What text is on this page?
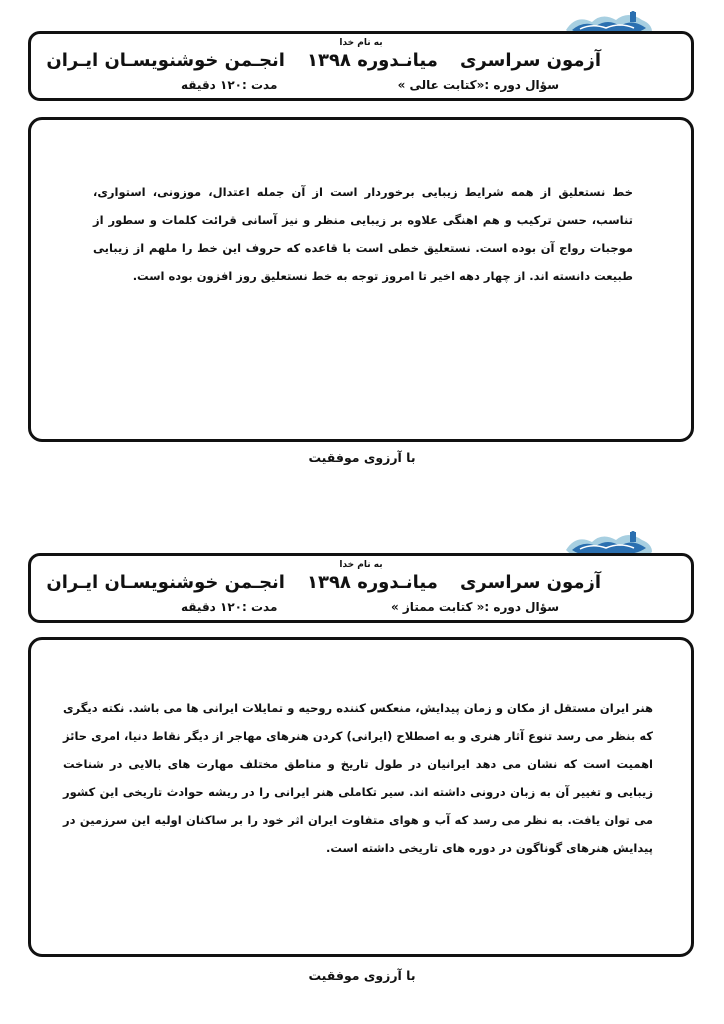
به نام خدا
آزمون سراسری
میانـدوره ۱۳۹۸
انجـمن خوشنویسـان ایـران
سؤال دوره :«کتابت عالی »
مدت :۱۲۰ دقیقه
خط نستعلیق از همه شرایط زیبایی برخوردار است از آن جمله اعتدال، موزونی، استواری، تناسب، حسن ترکیب و هم اهنگی علاوه بر زیبایی منظر و نیز آسانی قرائت کلمات و سطور از موجبات رواج آن بوده است. نستعلیق خطی است با قاعده که حروف این خط را ملهم از زیبایی طبیعت دانسته اند. از چهار دهه اخیر تا امروز توجه به خط نستعلیق روز افزون بوده است.
با آرزوی موفقیت
به نام خدا
آزمون سراسری
میانـدوره ۱۳۹۸
انجـمن خوشنویسـان ایـران
سؤال دوره :« کتابت ممتاز »
مدت :۱۲۰ دقیقه
هنر ایران مستقل از مکان و زمان پیدایش، منعکس کننده روحیه و تمایلات ایرانی ها می باشد. نکته دیگری که بنظر می رسد تنوع آثار هنری و به اصطلاح (ایرانی) کردن هنرهای مهاجر از دیگر نقاط دنیا، امری حائز اهمیت است که نشان می دهد ایرانیان در طول تاریخ و مناطق مختلف مهارت های بالایی در شناخت زیبایی و تغییر آن به زبان درونی داشته اند. سیر تکاملی هنر ایرانی را در ریشه حوادث تاریخی این کشور می توان یافت. به نظر می رسد که آب و هوای متفاوت ایران اثر خود را بر ساکنان اولیه این سرزمین در پیدایش هنرهای گوناگون در دوره های تاریخی داشته است.
با آرزوی موفقیت
